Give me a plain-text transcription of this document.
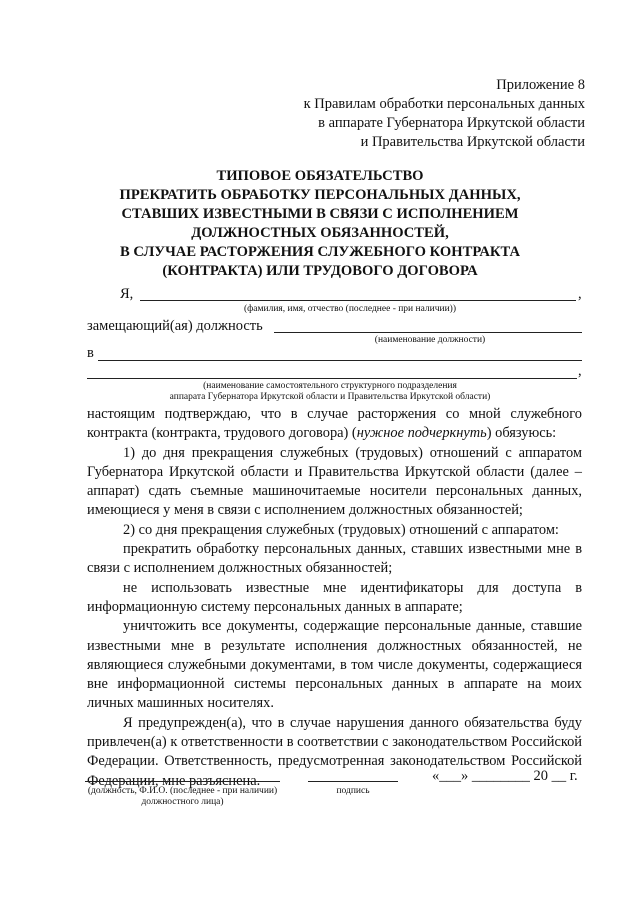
Приложение 8
к Правилам обработки персональных данных
в аппарате Губернатора Иркутской области
и Правительства Иркутской области
ТИПОВОЕ ОБЯЗАТЕЛЬСТВО
ПРЕКРАТИТЬ ОБРАБОТКУ ПЕРСОНАЛЬНЫХ ДАННЫХ,
СТАВШИХ ИЗВЕСТНЫМИ В СВЯЗИ С ИСПОЛНЕНИЕМ
ДОЛЖНОСТНЫХ ОБЯЗАННОСТЕЙ,
В СЛУЧАЕ РАСТОРЖЕНИЯ СЛУЖЕБНОГО КОНТРАКТА
(КОНТРАКТА) ИЛИ ТРУДОВОГО ДОГОВОРА
Я,	,
(фамилия, имя, отчество (последнее - при наличии))
замещающий(ая) должность
(наименование должности)
в
,
(наименование самостоятельного структурного подразделения
аппарата Губернатора Иркутской области и Правительства Иркутской области)

настоящим подтверждаю, что в случае расторжения со мной служебного контракта (контракта, трудового договора) (нужное подчеркнуть) обязуюсь:

1) до дня прекращения служебных (трудовых) отношений с аппаратом Губернатора Иркутской области и Правительства Иркутской области (далее – аппарат) сдать съемные машиночитаемые носители персональных данных, имеющиеся у меня в связи с исполнением должностных обязанностей;

2) со дня прекращения служебных (трудовых) отношений с аппаратом:

прекратить обработку персональных данных, ставших известными мне в связи с исполнением должностных обязанностей;

не использовать известные мне идентификаторы для доступа в информационную систему персональных данных в аппарате;

уничтожить все документы, содержащие персональные данные, ставшие известными мне в результате исполнения должностных обязанностей, не являющиеся служебными документами, в том числе документы, содержащиеся вне информационной системы персональных данных в аппарате на моих личных машинных носителях.

Я предупрежден(а), что в случае нарушения данного обязательства буду привлечен(а) к ответственности в соответствии с законодательством Российской Федерации. Ответственность, предусмотренная законодательством Российской Федерации, мне разъяснена.

(должность, Ф.И.О. (последнее - при наличии) должностного лица)
подпись
«___» ________ 20 __ г.
